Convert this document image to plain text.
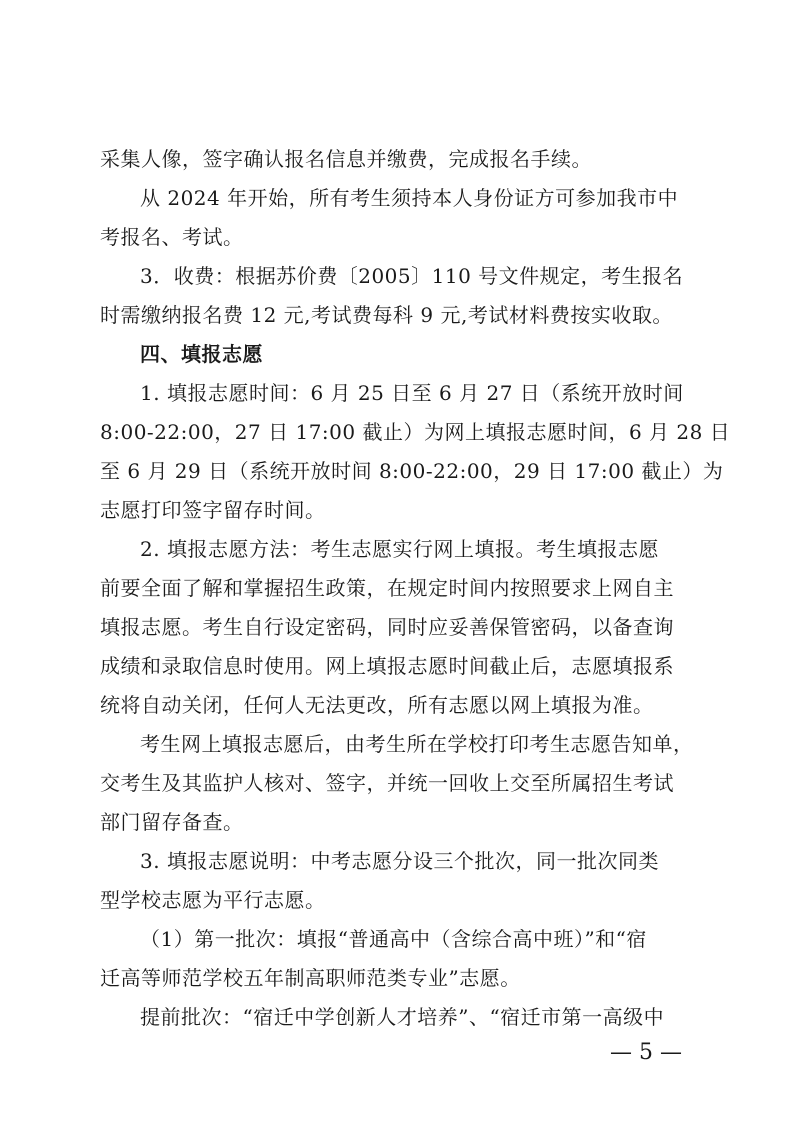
采集人像，签字确认报名信息并缴费，完成报名手续。
从 2024 年开始，所有考生须持本人身份证方可参加我市中
考报名、考试。
3．收费：根据苏价费〔2005〕110 号文件规定，考生报名
时需缴纳报名费 12 元,考试费每科 9 元,考试材料费按实收取。
四、填报志愿
1. 填报志愿时间：6 月 25 日至 6 月 27 日（系统开放时间
8:00-22:00，27 日 17:00 截止）为网上填报志愿时间，6 月 28 日
至 6 月 29 日（系统开放时间 8:00-22:00，29 日 17:00 截止）为
志愿打印签字留存时间。
2. 填报志愿方法：考生志愿实行网上填报。考生填报志愿
前要全面了解和掌握招生政策，在规定时间内按照要求上网自主
填报志愿。考生自行设定密码，同时应妥善保管密码，以备查询
成绩和录取信息时使用。网上填报志愿时间截止后，志愿填报系
统将自动关闭，任何人无法更改，所有志愿以网上填报为准。
考生网上填报志愿后，由考生所在学校打印考生志愿告知单，
交考生及其监护人核对、签字，并统一回收上交至所属招生考试
部门留存备查。
3. 填报志愿说明：中考志愿分设三个批次，同一批次同类
型学校志愿为平行志愿。
（1）第一批次：填报“普通高中（含综合高中班）”和“宿
迁高等师范学校五年制高职师范类专业”志愿。
提前批次：“宿迁中学创新人才培养”、“宿迁市第一高级中
— 5 —
